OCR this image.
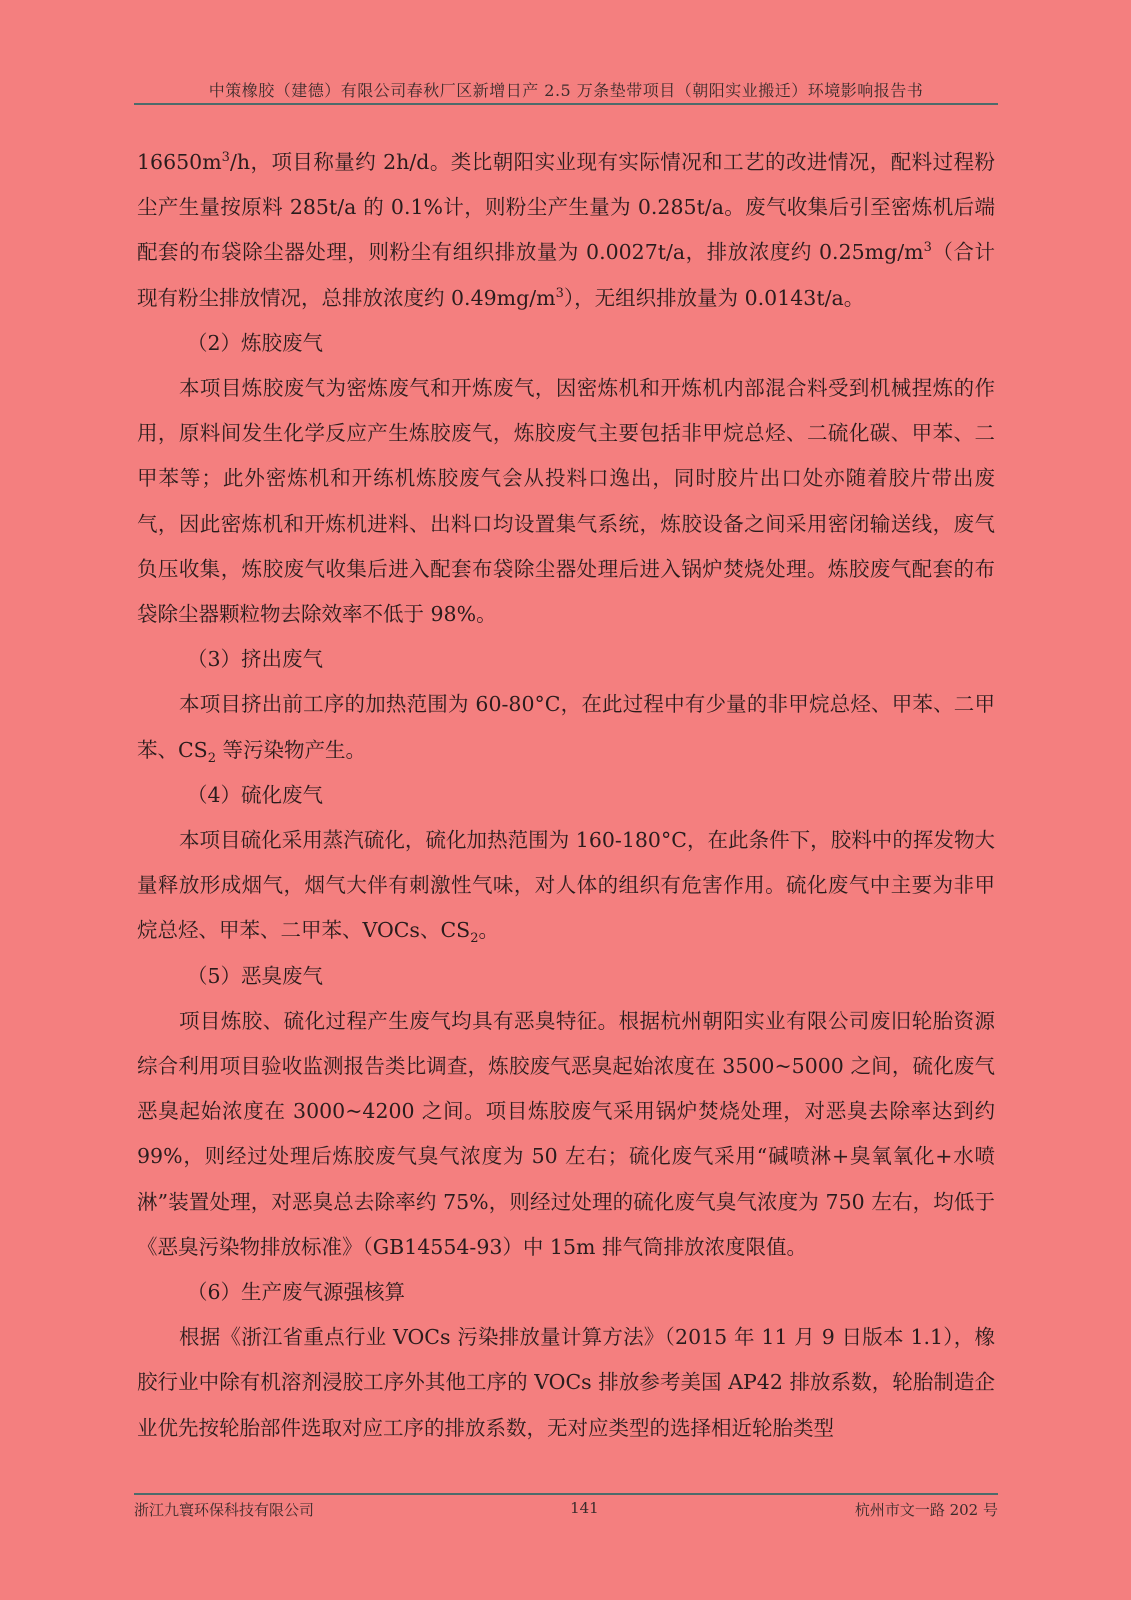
中策橡胶（建德）有限公司春秋厂区新增日产 2.5 万条垫带项目（朝阳实业搬迁）环境影响报告书

$16650m^3/h$，项目称量约 2h/d。类比朝阳实业现有实际情况和工艺的改进情况，配料过程粉尘产生量按原料 285t/a 的 0.1%计，则粉尘产生量为 0.285t/a。废气收集后引至密炼机后端配套的布袋除尘器处理，则粉尘有组织排放量为 0.0027t/a，排放浓度约 $0.25mg/m^3$（合计现有粉尘排放情况，总排放浓度约 $0.49mg/m^3$），无组织排放量为 0.0143t/a。

（2）炼胶废气

本项目炼胶废气为密炼废气和开炼废气，因密炼机和开炼机内部混合料受到机械捏炼的作用，原料间发生化学反应产生炼胶废气，炼胶废气主要包括非甲烷总烃、二硫化碳、甲苯、二甲苯等；此外密炼机和开练机炼胶废气会从投料口逸出，同时胶片出口处亦随着胶片带出废气，因此密炼机和开炼机进料、出料口均设置集气系统，炼胶设备之间采用密闭输送线，废气负压收集，炼胶废气收集后进入配套布袋除尘器处理后进入锅炉焚烧处理。炼胶废气配套的布袋除尘器颗粒物去除效率不低于 98%。

（3）挤出废气

本项目挤出前工序的加热范围为 60-80°C，在此过程中有少量的非甲烷总烃、甲苯、二甲苯、$CS_2$ 等污染物产生。

（4）硫化废气

本项目硫化采用蒸汽硫化，硫化加热范围为 160-180°C，在此条件下，胶料中的挥发物大量释放形成烟气，烟气大伴有刺激性气味，对人体的组织有危害作用。硫化废气中主要为非甲烷总烃、甲苯、二甲苯、VOCs、$CS_2$。

（5）恶臭废气

项目炼胶、硫化过程产生废气均具有恶臭特征。根据杭州朝阳实业有限公司废旧轮胎资源综合利用项目验收监测报告类比调查，炼胶废气恶臭起始浓度在 3500~5000 之间，硫化废气恶臭起始浓度在 3000~4200 之间。项目炼胶废气采用锅炉焚烧处理，对恶臭去除率达到约 99%，则经过处理后炼胶废气臭气浓度为 50 左右；硫化废气采用“碱喷淋+臭氧氧化+水喷淋”装置处理，对恶臭总去除率约 75%，则经过处理的硫化废气臭气浓度为 750 左右，均低于《恶臭污染物排放标准》（GB14554-93）中 15m 排气筒排放浓度限值。

（6）生产废气源强核算

根据《浙江省重点行业 VOCs 污染排放量计算方法》（2015 年 11 月 9 日版本 1.1），橡胶行业中除有机溶剂浸胶工序外其他工序的 VOCs 排放参考美国 AP42 排放系数，轮胎制造企业优先按轮胎部件选取对应工序的排放系数，无对应类型的选择相近轮胎类型

浙江九寰环保科技有限公司	141	杭州市文一路 202 号
